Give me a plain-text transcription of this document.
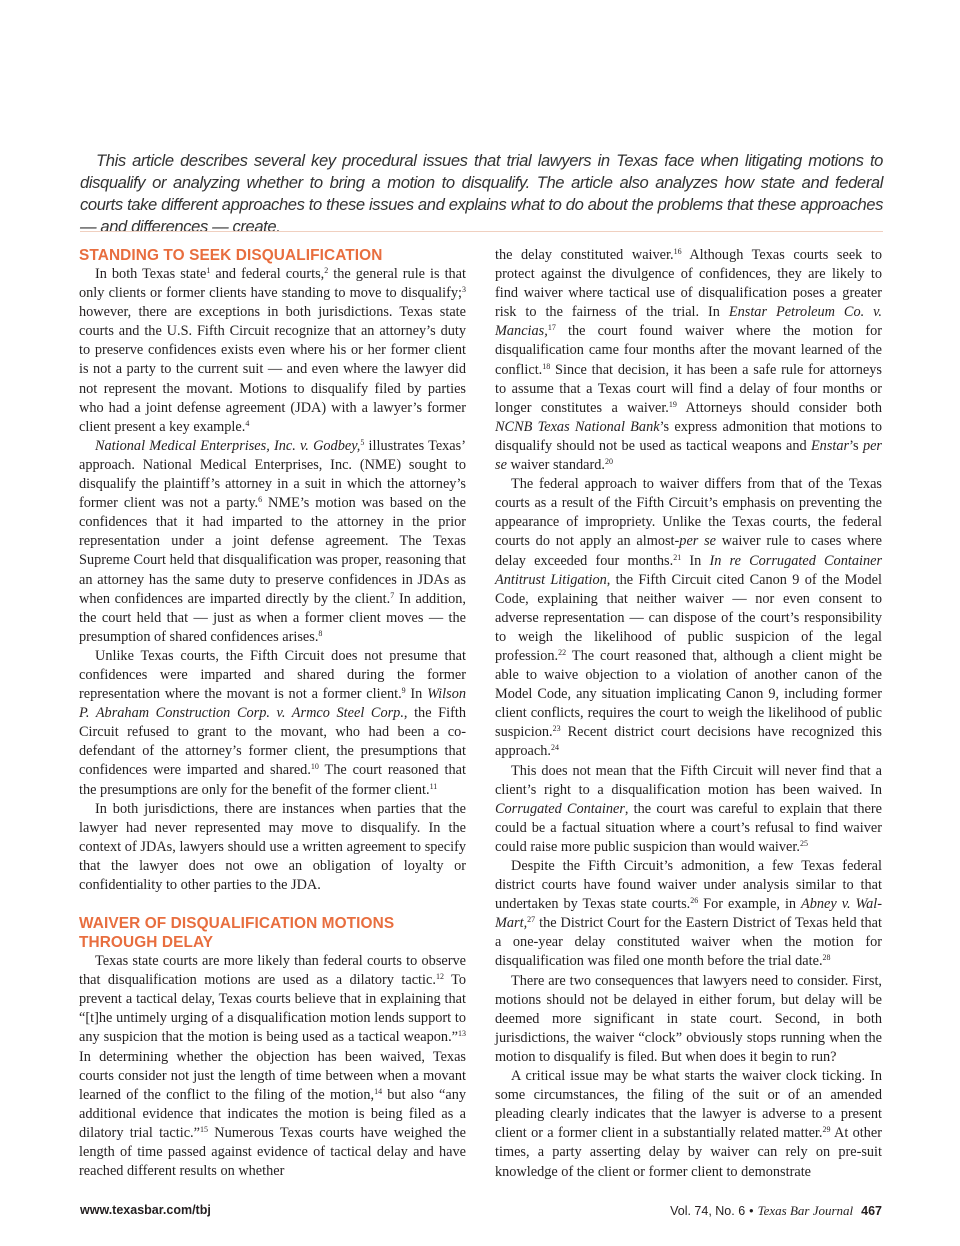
This article describes several key procedural issues that trial lawyers in Texas face when litigating motions to disqualify or analyzing whether to bring a motion to disqualify. The article also analyzes how state and federal courts take different approaches to these issues and explains what to do about the problems that these approaches — and differences — create.
STANDING TO SEEK DISQUALIFICATION

In both Texas state$^1$ and federal courts,$^2$ the general rule is that only clients or former clients have standing to move to disqualify;$^3$ however, there are exceptions in both jurisdictions. Texas state courts and the U.S. Fifth Circuit recognize that an attorney’s duty to preserve confidences exists even where his or her former client is not a party to the current suit — and even where the lawyer did not represent the movant. Motions to disqualify filed by parties who had a joint defense agreement (JDA) with a lawyer’s former client present a key example.$^4$

National Medical Enterprises, Inc. v. Godbey,$^5$ illustrates Texas’ approach. National Medical Enterprises, Inc. (NME) sought to disqualify the plaintiff’s attorney in a suit in which the attorney’s former client was not a party.$^6$ NME’s motion was based on the confidences that it had imparted to the attorney in the prior representation under a joint defense agreement. The Texas Supreme Court held that disqualification was proper, reasoning that an attorney has the same duty to preserve confidences in JDAs as when confidences are imparted directly by the client.$^7$ In addition, the court held that — just as when a former client moves — the presumption of shared confidences arises.$^8$

Unlike Texas courts, the Fifth Circuit does not presume that confidences were imparted and shared during the former representation where the movant is not a former client.$^9$ In Wilson P. Abraham Construction Corp. v. Armco Steel Corp., the Fifth Circuit refused to grant to the movant, who had been a co-defendant of the attorney’s former client, the presumptions that confidences were imparted and shared.$^{10}$ The court reasoned that the presumptions are only for the benefit of the former client.$^{11}$

In both jurisdictions, there are instances when parties that the lawyer had never represented may move to disqualify. In the context of JDAs, lawyers should use a written agreement to specify that the lawyer does not owe an obligation of loyalty or confidentiality to other parties to the JDA.

WAIVER OF DISQUALIFICATION MOTIONS
THROUGH DELAY

Texas state courts are more likely than federal courts to observe that disqualification motions are used as a dilatory tactic.$^{12}$ To prevent a tactical delay, Texas courts believe that in explaining that “[t]he untimely urging of a disqualification motion lends support to any suspicion that the motion is being used as a tactical weapon.”$^{13}$ In determining whether the objection has been waived, Texas courts consider not just the length of time between when a movant learned of the conflict to the filing of the motion,$^{14}$ but also “any additional evidence that indicates the motion is being filed as a dilatory trial tactic.”$^{15}$ Numerous Texas courts have weighed the length of time passed against evidence of tactical delay and have reached different results on whether

the delay constituted waiver.$^{16}$ Although Texas courts seek to protect against the divulgence of confidences, they are likely to find waiver where tactical use of disqualification poses a greater risk to the fairness of the trial. In Enstar Petroleum Co. v. Mancias,$^{17}$ the court found waiver where the motion for disqualification came four months after the movant learned of the conflict.$^{18}$ Since that decision, it has been a safe rule for attorneys to assume that a Texas court will find a delay of four months or longer constitutes a waiver.$^{19}$ Attorneys should consider both NCNB Texas National Bank’s express admonition that motions to disqualify should not be used as tactical weapons and Enstar’s per se waiver standard.$^{20}$

The federal approach to waiver differs from that of the Texas courts as a result of the Fifth Circuit’s emphasis on preventing the appearance of impropriety. Unlike the Texas courts, the federal courts do not apply an almost-per se waiver rule to cases where delay exceeded four months.$^{21}$ In In re Corrugated Container Antitrust Litigation, the Fifth Circuit cited Canon 9 of the Model Code, explaining that neither waiver — nor even consent to adverse representation — can dispose of the court’s responsibility to weigh the likelihood of public suspicion of the legal profession.$^{22}$ The court reasoned that, although a client might be able to waive objection to a violation of another canon of the Model Code, any situation implicating Canon 9, including former client conflicts, requires the court to weigh the likelihood of public suspicion.$^{23}$ Recent district court decisions have recognized this approach.$^{24}$

This does not mean that the Fifth Circuit will never find that a client’s right to a disqualification motion has been waived. In Corrugated Container, the court was careful to explain that there could be a factual situation where a court’s refusal to find waiver could raise more public suspicion than would waiver.$^{25}$

Despite the Fifth Circuit’s admonition, a few Texas federal district courts have found waiver under analysis similar to that undertaken by Texas state courts.$^{26}$ For example, in Abney v. Wal-Mart,$^{27}$ the District Court for the Eastern District of Texas held that a one-year delay constituted waiver when the motion for disqualification was filed one month before the trial date.$^{28}$

There are two consequences that lawyers need to consider. First, motions should not be delayed in either forum, but delay will be deemed more significant in state court. Second, in both jurisdictions, the waiver “clock” obviously stops running when the motion to disqualify is filed. But when does it begin to run?

A critical issue may be what starts the waiver clock ticking. In some circumstances, the filing of the suit or of an amended pleading clearly indicates that the lawyer is adverse to a present client or a former client in a substantially related matter.$^{29}$ At other times, a party asserting delay by waiver can rely on pre-suit knowledge of the client or former client to demonstrate

www.texasbar.com/tbj	Vol. 74, No. 6 • Texas Bar Journal 467
